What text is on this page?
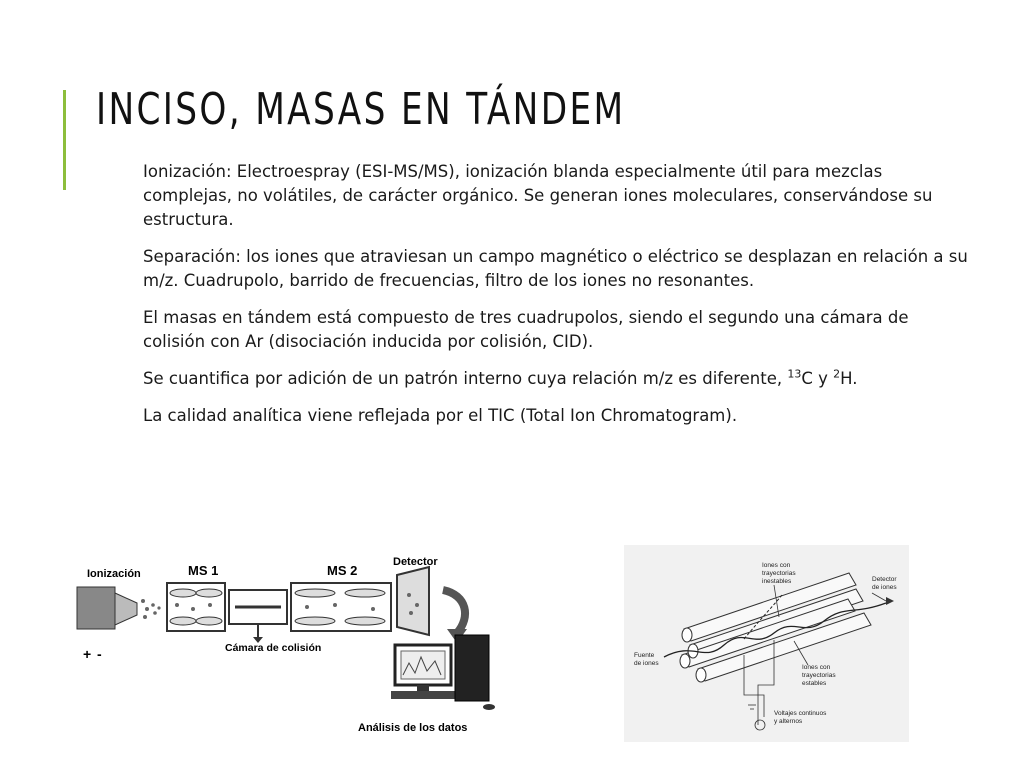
INCISO, MASAS EN TÁNDEM

Ionización: Electroespray (ESI-MS/MS), ionización blanda especialmente útil para mezclas complejas, no volátiles, de carácter orgánico. Se generan iones moleculares, conservándose su estructura.

Separación: los iones que atraviesan un campo magnético o eléctrico se desplazan en relación a su m/z. Cuadrupolo, barrido de frecuencias, filtro de los iones no resonantes.

El masas en tándem está compuesto de tres cuadrupolos, siendo el segundo una cámara de colisión con Ar (disociación inducida por colisión, CID).

Se cuantifica por adición de un patrón interno cuya relación m/z es diferente, $^{13}$C y $^2$H.

La calidad analítica viene reflejada por el TIC (Total Ion Chromatogram).

Ionización	MS 1	MS 2
Detector
Cámara de colisión
+ -
Análisis de los datos
Iones con trayectorias inestables	Detector de iones
Fuente de iones
Iones con trayectorias estables
Voltajes continuos y alternos
